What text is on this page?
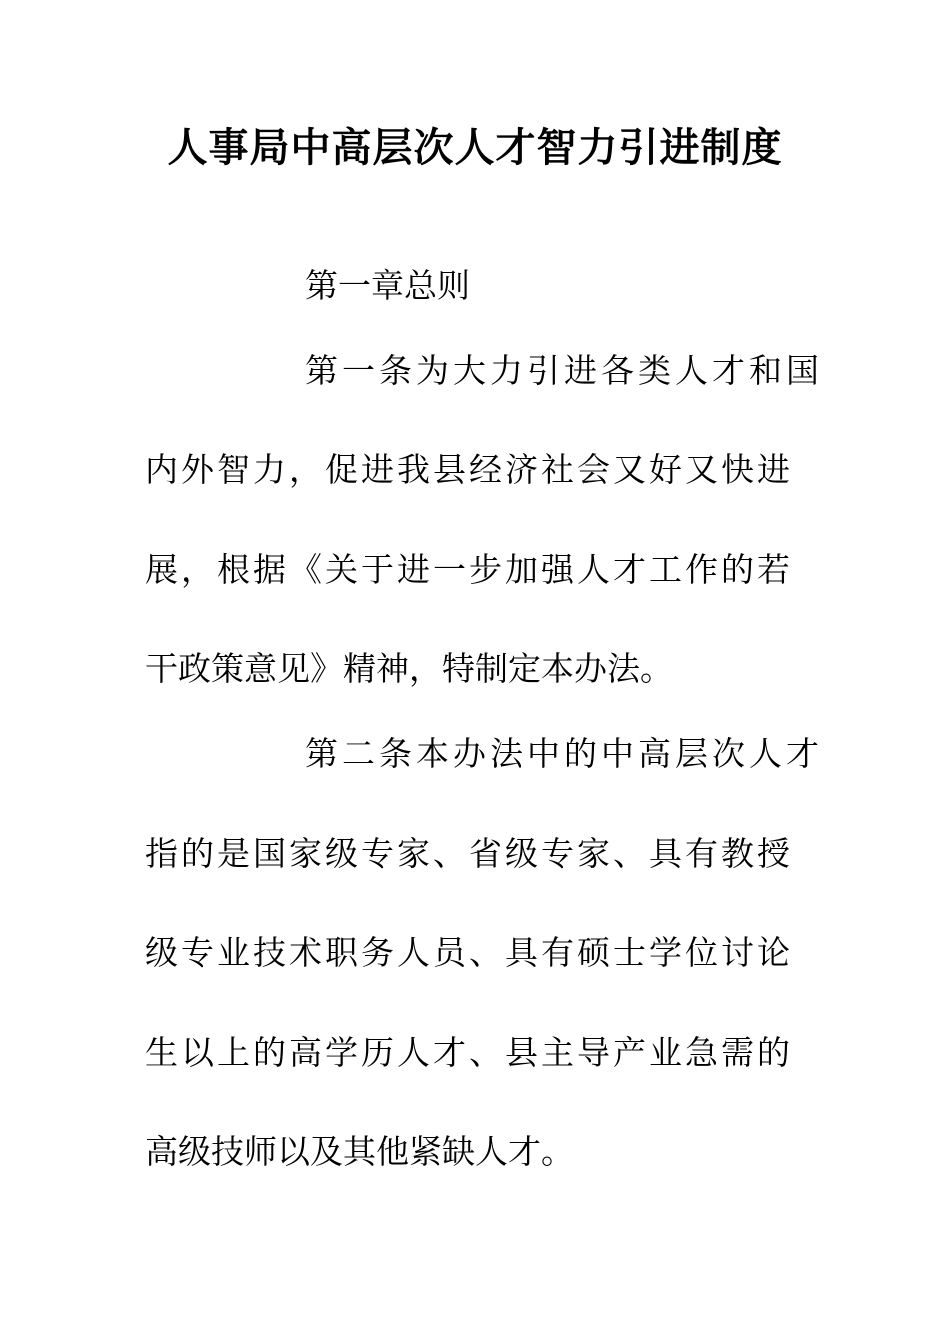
人事局中高层次人才智力引进制度
第一章总则
第一条为大力引进各类人才和国
内外智力，促进我县经济社会又好又快进
展，根据《关于进一步加强人才工作的若
干政策意见》精神，特制定本办法。
第二条本办法中的中高层次人才
指的是国家级专家、省级专家、具有教授
级专业技术职务人员、具有硕士学位讨论
生以上的高学历人才、县主导产业急需的
高级技师以及其他紧缺人才。
